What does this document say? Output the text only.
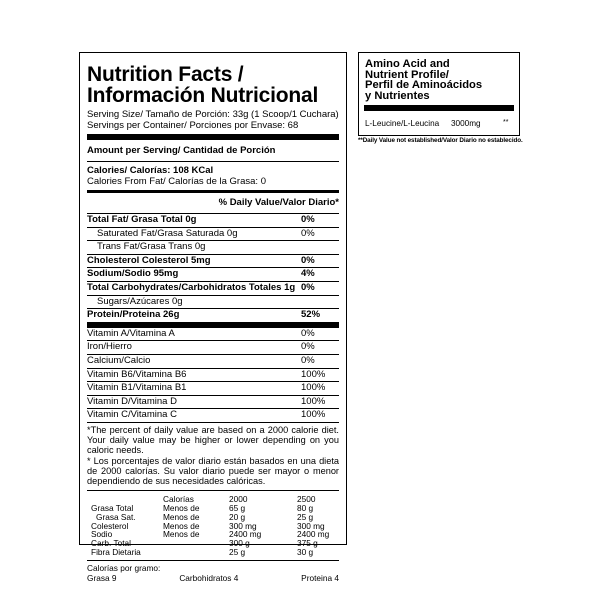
Nutrition Facts /
Información Nutricional
Serving Size/ Tamaño de Porción: 33g (1 Scoop/1 Cuchara)
Servings per Container/ Porciones por Envase: 68
Amount per Serving/ Cantidad de Porción
Calories/ Calorías: 108 KCal
Calories From Fat/ Calorías de la Grasa: 0
% Daily Value/Valor Diario*
Total Fat/ Grasa Total 0g	0%
Saturated Fat/Grasa Saturada 0g	0%
Trans Fat/Grasa Trans 0g
Cholesterol Colesterol 5mg	0%
Sodium/Sodio 95mg	4%
Total Carbohydrates/Carbohidratos Totales 1g 0%
Sugars/Azúcares 0g
Protein/Proteina 26g	52%
Vitamin A/Vitamina A	0%
Iron/Hierro	0%
Calcium/Calcio	0%
Vitamin B6/Vitamina B6	100%
Vitamin B1/Vitamina B1	100%
Vitamin D/Vitamina D	100%
Vitamin C/Vitamina C	100%
*The percent of daily value are based on a 2000 calorie diet. Your daily value may be higher or lower depending on you caloric needs.
* Los porcentajes de valor diario están basados en una dieta de 2000 calorías. Su valor diario puede ser mayor o menor dependiendo de sus necesidades calóricas.
	Calorías	2000	2500
Grasa Total	Menos de	65 g	80 g
Grasa Sat.	Menos de	20 g	25 g
Colesterol	Menos de	300 mg	300 mg
Sodio	Menos de	2400 mg	2400 mg
Carb. Total		300 g	375 g
Fibra Dietaria		25 g	30 g
Calorías por gramo:
Grasa 9	Carbohidratos 4	Proteina 4
Amino Acid and
Nutrient Profile/
Perfil de Aminoácidos
y Nutrientes
L-Leucine/L-Leucina	3000mg	**
**Daily Value not established/Valor Diario no establecido.
